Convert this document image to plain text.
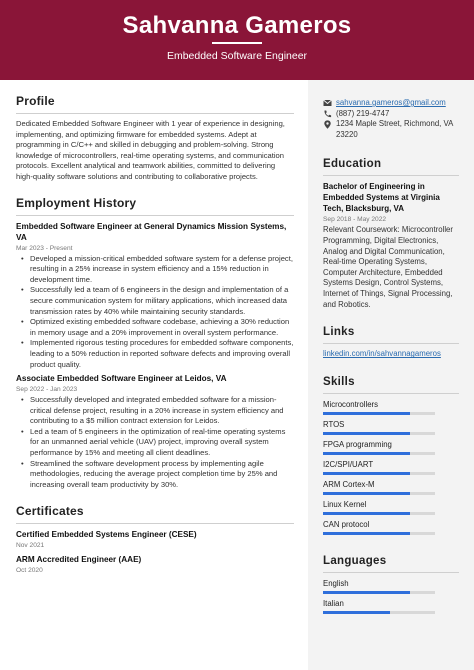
Sahvanna Gameros
Embedded Software Engineer
Profile
Dedicated Embedded Software Engineer with 1 year of experience in designing, implementing, and optimizing firmware for embedded systems. Adept at programming in C/C++ and skilled in debugging and problem-solving. Strong knowledge of microcontrollers, real-time operating systems, and communication protocols. Excellent analytical and teamwork abilities, committed to delivering high-quality software solutions and contributing to collaborative projects.
Employment History
Embedded Software Engineer at General Dynamics Mission Systems, VA
Mar 2023 - Present
• Developed a mission-critical embedded software system for a defense project, resulting in a 25% increase in system efficiency and a 15% reduction in development time.
• Successfully led a team of 6 engineers in the design and implementation of a secure communication system for military applications, which increased data transmission rates by 40% while maintaining security standards.
• Optimized existing embedded software codebase, achieving a 30% reduction in memory usage and a 20% improvement in overall system performance.
• Implemented rigorous testing procedures for embedded software components, leading to a 50% reduction in reported software defects and improving overall product quality.
Associate Embedded Software Engineer at Leidos, VA
Sep 2022 - Jan 2023
• Successfully developed and integrated embedded software for a mission-critical defense project, resulting in a 20% increase in system efficiency and contributing to a $5 million contract extension for Leidos.
• Led a team of 5 engineers in the optimization of real-time operating systems for an unmanned aerial vehicle (UAV) project, improving overall system performance by 15% and meeting all client deadlines.
• Streamlined the software development process by implementing agile methodologies, reducing the average project completion time by 25% and increasing overall team productivity by 30%.
Certificates
Certified Embedded Systems Engineer (CESE)
Nov 2021
ARM Accredited Engineer (AAE)
Oct 2020
sahvanna.gameros@gmail.com
(887) 219-4747
1234 Maple Street, Richmond, VA 23220
Education
Bachelor of Engineering in Embedded Systems at Virginia Tech, Blacksburg, VA
Sep 2018 - May 2022
Relevant Coursework: Microcontroller Programming, Digital Electronics, Analog and Digital Communication, Real-time Operating Systems, Computer Architecture, Embedded Systems Design, Control Systems, Internet of Things, Signal Processing, and Robotics.
Links
linkedin.com/in/sahvannagameros
Skills
Microcontrollers
RTOS
FPGA programming
I2C/SPI/UART
ARM Cortex-M
Linux Kernel
CAN protocol
Languages
English
Italian
